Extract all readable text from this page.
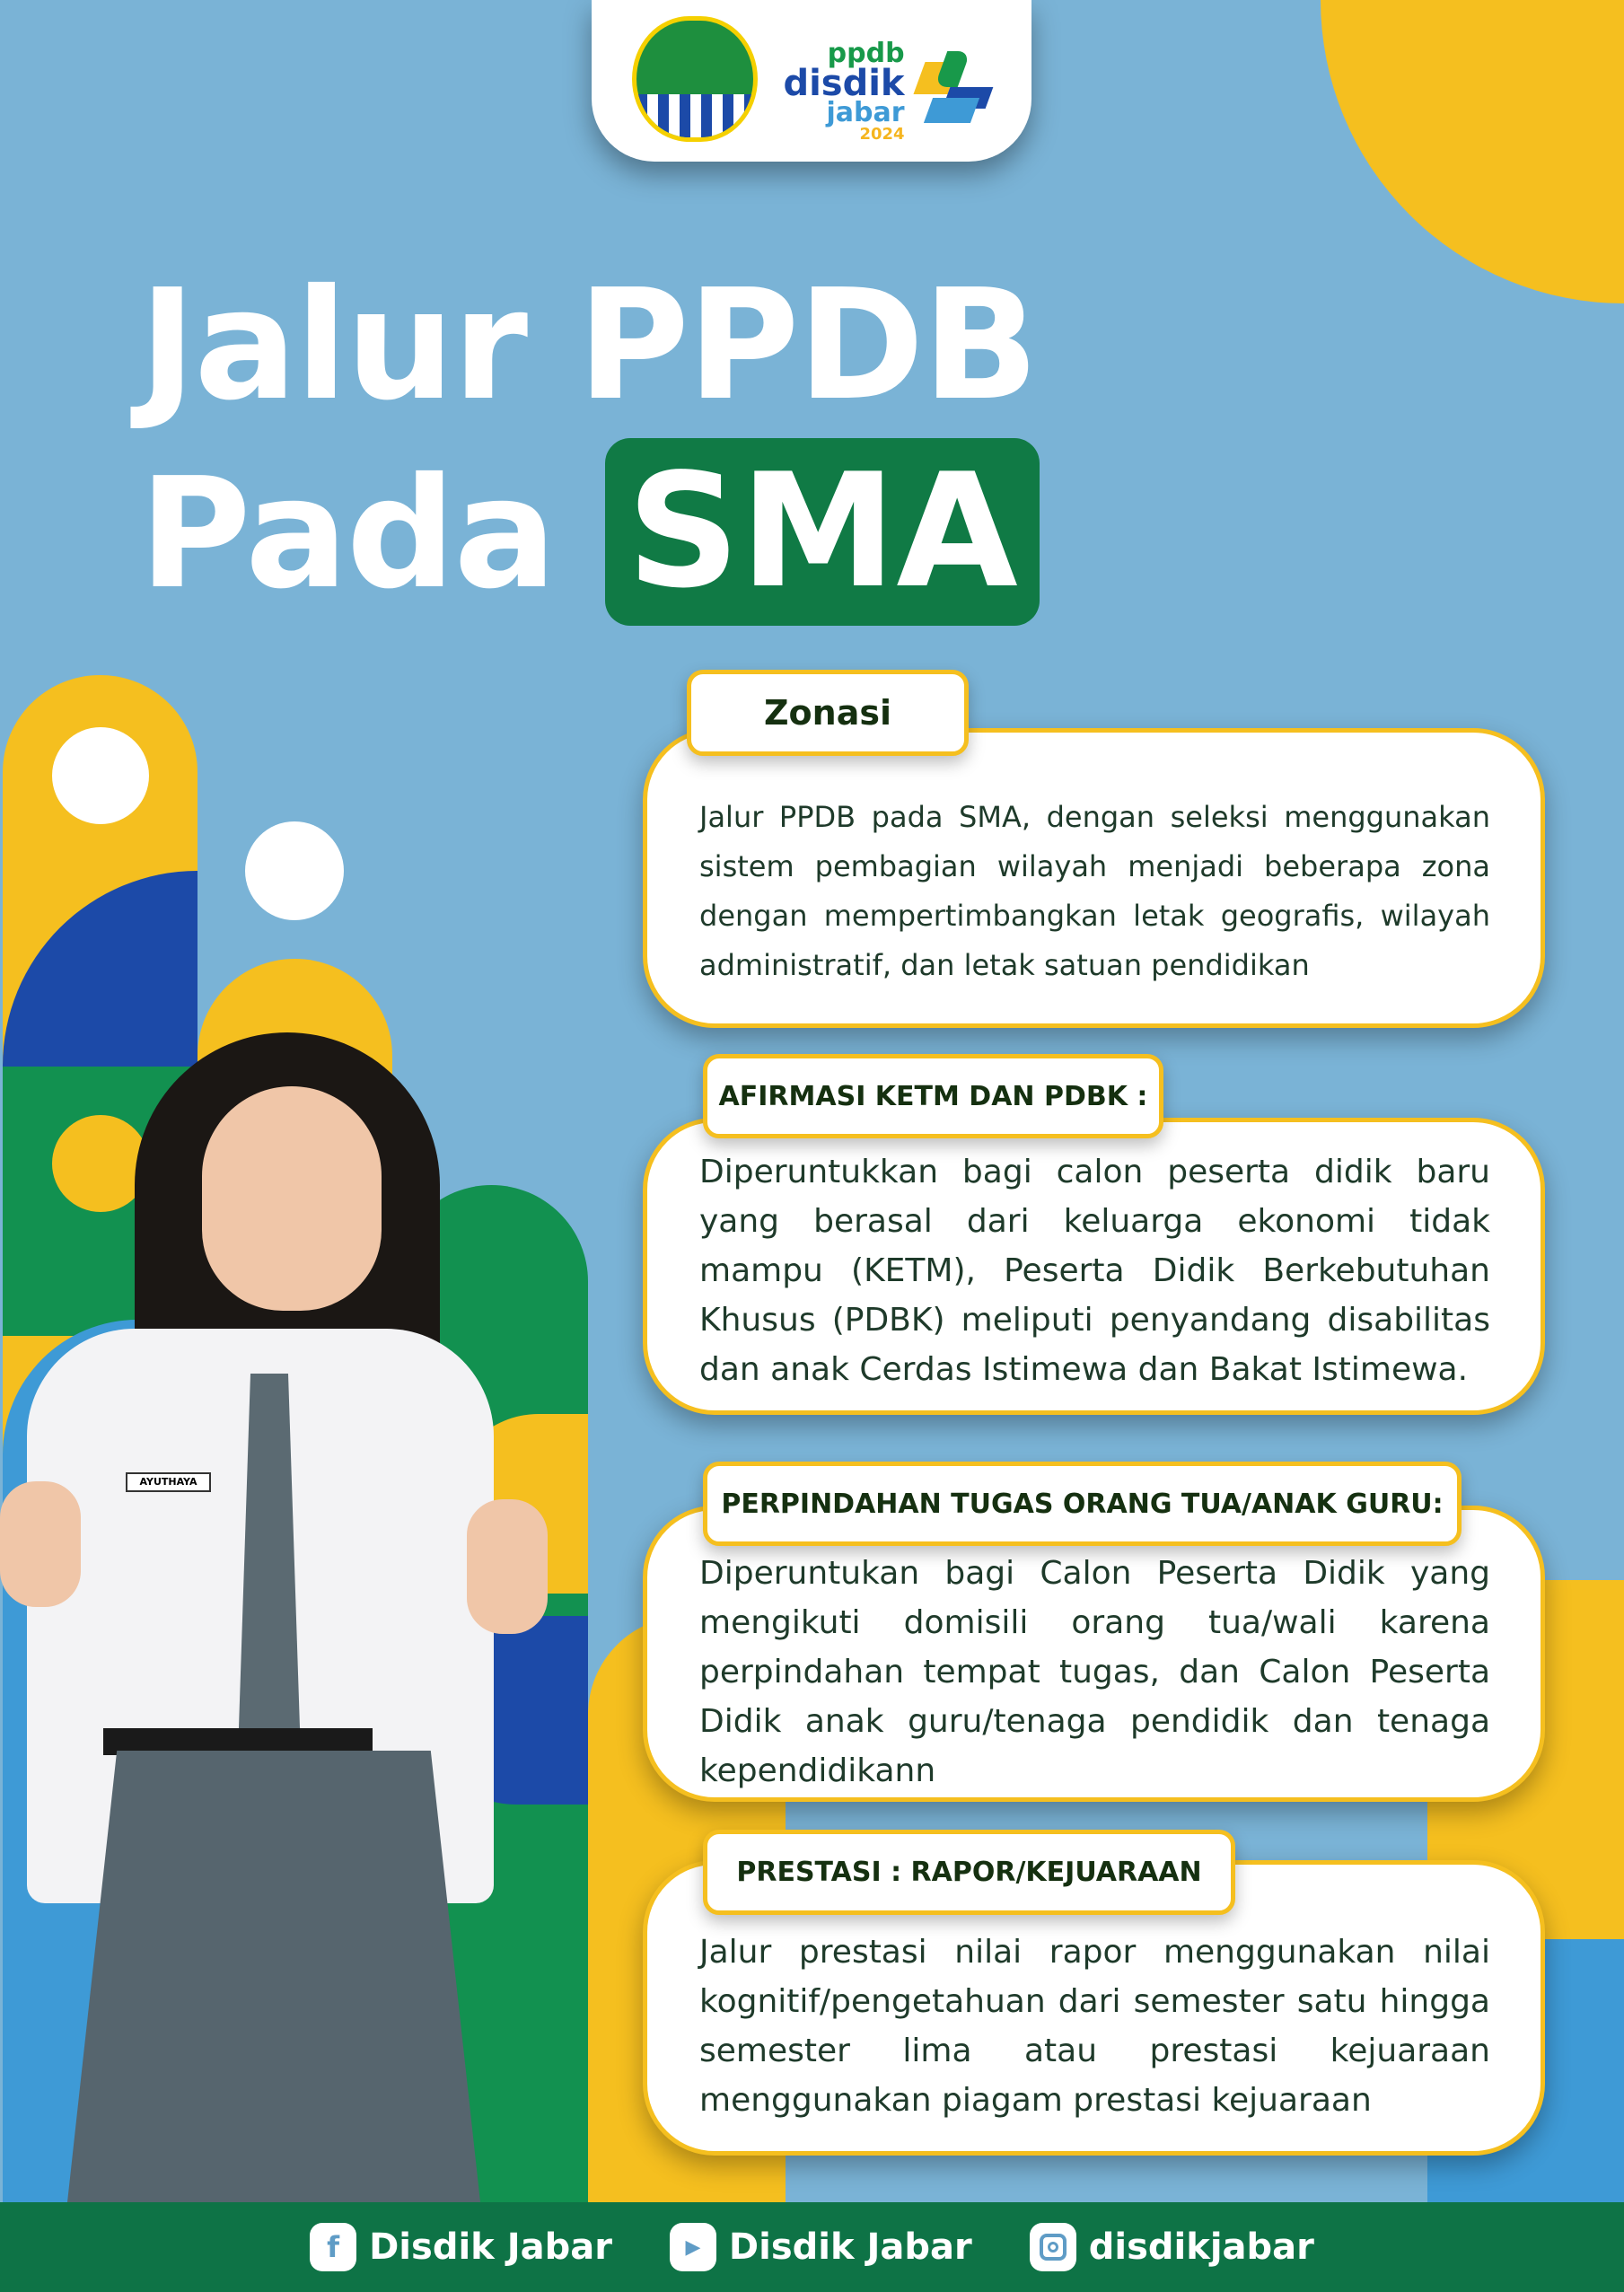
AYUTHAYA
ppdb
disdik
jabar
2024
Jalur PPDB
Pada SMA
Zonasi

Jalur PPDB pada SMA, dengan seleksi menggunakan sistem pembagian wilayah menjadi beberapa zona dengan mempertimbangkan letak geografis, wilayah administratif, dan letak satuan pendidikan

AFIRMASI KETM DAN PDBK :

Diperuntukkan bagi calon peserta didik baru yang berasal dari keluarga ekonomi tidak mampu (KETM), Peserta Didik Berkebutuhan Khusus (PDBK) meliputi penyandang disabilitas dan anak Cerdas Istimewa dan Bakat Istimewa.

PERPINDAHAN TUGAS ORANG TUA/ANAK GURU:

Diperuntukan bagi Calon Peserta Didik yang mengikuti domisili orang tua/wali karena perpindahan tempat tugas, dan Calon Peserta Didik anak guru/tenaga pendidik dan tenaga kependidikann

PRESTASI : RAPOR/KEJUARAAN

Jalur prestasi nilai rapor menggunakan nilai kognitif/pengetahuan dari semester satu hingga semester lima atau prestasi kejuaraan menggunakan piagam prestasi kejuaraan

f Disdik Jabar	▶ Disdik Jabar	disdikjabar
